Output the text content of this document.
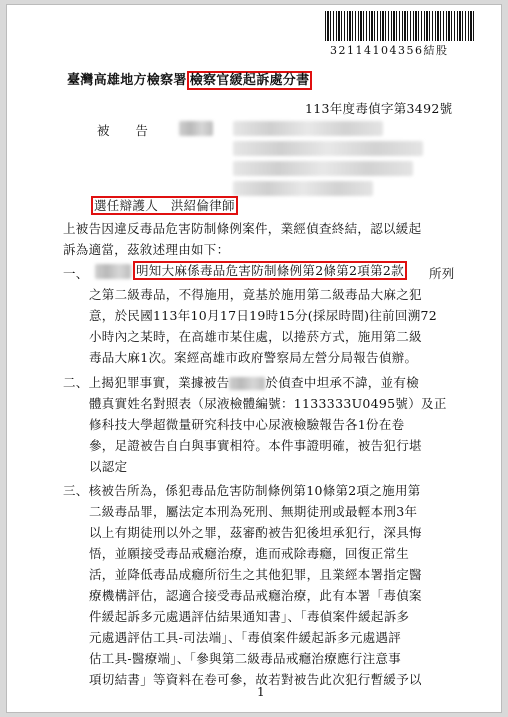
32114104356結股
臺灣高雄地方檢察署 檢察官緩起訴處分書
113年度毒偵字第3492號
被　　告
選任辯護人　 洪紹倫律師
上被告因違反毒品危害防制條例案件，業經偵查終結，認以緩起
訴為適當，茲敘述理由如下：
一、	明知大麻係毒品危害防制條例第2條第2項第2款 所列
之第二級毒品，不得施用，竟基於施用第二級毒品大麻之犯
意，於民國113年10月17日19時15分(採尿時間)往前回溯72
小時內之某時，在高雄市某住處，以捲菸方式，施用第二級
毒品大麻1次。案經高雄市政府警察局左營分局報告偵辦。
二、上揭犯罪事實，業據被告	於偵查中坦承不諱，並有檢
體真實姓名對照表（尿液檢體編號：1133333U0495號）及正
修科技大學超微量研究科技中心尿液檢驗報告各1份在卷
參，足證被告自白與事實相符。本件事證明確，被告犯行堪
以認定
三、核被告所為，係犯毒品危害防制條例第10條第2項之施用第
二級毒品罪，屬法定本刑為死刑、無期徒刑或最輕本刑3年
以上有期徒刑以外之罪，茲審酌被告犯後坦承犯行，深具悔
悟，並願接受毒品戒癮治療，進而戒除毒癮，回復正常生
活，並降低毒品成癮所衍生之其他犯罪，且業經本署指定醫
療機構評估，認適合接受毒品戒癮治療，此有本署「毒偵案
件緩起訴多元處遇評估結果通知書」、「毒偵案件緩起訴多
元處遇評估工具-司法端」、「毒偵案件緩起訴多元處遇評
估工具-醫療端」、「參與第二級毒品戒癮治療應行注意事
項切結書」等資料在卷可參，故若對被告此次犯行暫緩予以
1
